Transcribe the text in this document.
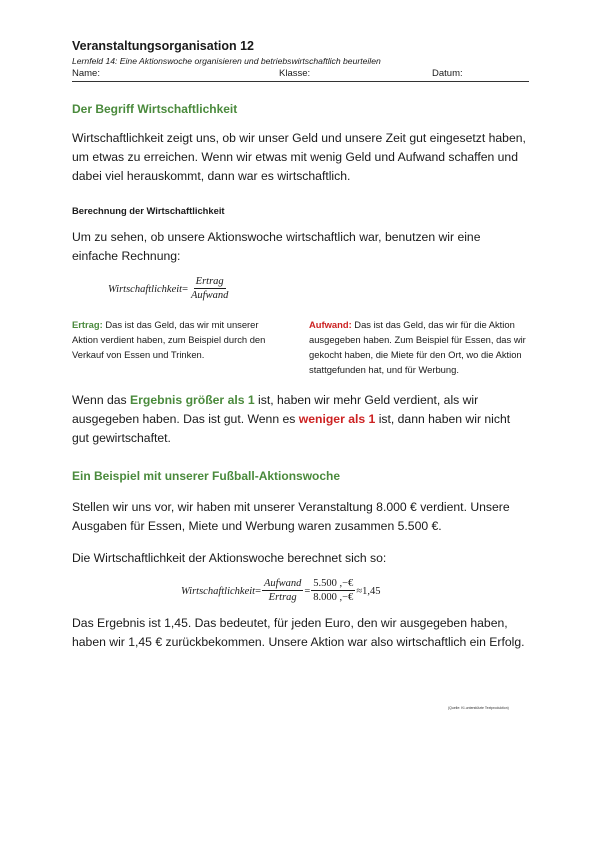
Veranstaltungsorganisation 12
Lernfeld 14: Eine Aktionswoche organisieren und betriebswirtschaftlich beurteilen
Name:	Klasse:	Datum:
Der Begriff Wirtschaftlichkeit
Wirtschaftlichkeit zeigt uns, ob wir unser Geld und unsere Zeit gut eingesetzt haben, um etwas zu erreichen. Wenn wir etwas mit wenig Geld und Aufwand schaffen und dabei viel herauskommt, dann war es wirtschaftlich.
Berechnung der Wirtschaftlichkeit
Um zu sehen, ob unsere Aktionswoche wirtschaftlich war, benutzen wir eine einfache Rechnung:
Wirtschaftlichkeit = $\frac{\text{Ertrag}}{\text{Aufwand}}$
Ertrag: Das ist das Geld, das wir mit unserer Aktion verdient haben, zum Beispiel durch den Verkauf von Essen und Trinken.
Aufwand: Das ist das Geld, das wir für die Aktion ausgegeben haben. Zum Beispiel für Essen, das wir gekocht haben, die Miete für den Ort, wo die Aktion stattgefunden hat, und für Werbung.
Wenn das Ergebnis größer als 1 ist, haben wir mehr Geld verdient, als wir ausgegeben haben. Das ist gut. Wenn es weniger als 1 ist, dann haben wir nicht gut gewirtschaftet.
Ein Beispiel mit unserer Fußball-Aktionswoche
Stellen wir uns vor, wir haben mit unserer Veranstaltung 8.000 € verdient. Unsere Ausgaben für Essen, Miete und Werbung waren zusammen 5.500 €.
Die Wirtschaftlichkeit der Aktionswoche berechnet sich so:
Wirtschaftlichkeit = $\frac{\text{Aufwand}}{\text{Ertrag}} = \frac{5.500 ,-€}{8.000 ,-€} \approx 1,45$
Das Ergebnis ist 1,45. Das bedeutet, für jeden Euro, den wir ausgegeben haben, haben wir 1,45 € zurückbekommen. Unsere Aktion war also wirtschaftlich ein Erfolg.
(Quelle: KI-unterstützte Textproduktion)
